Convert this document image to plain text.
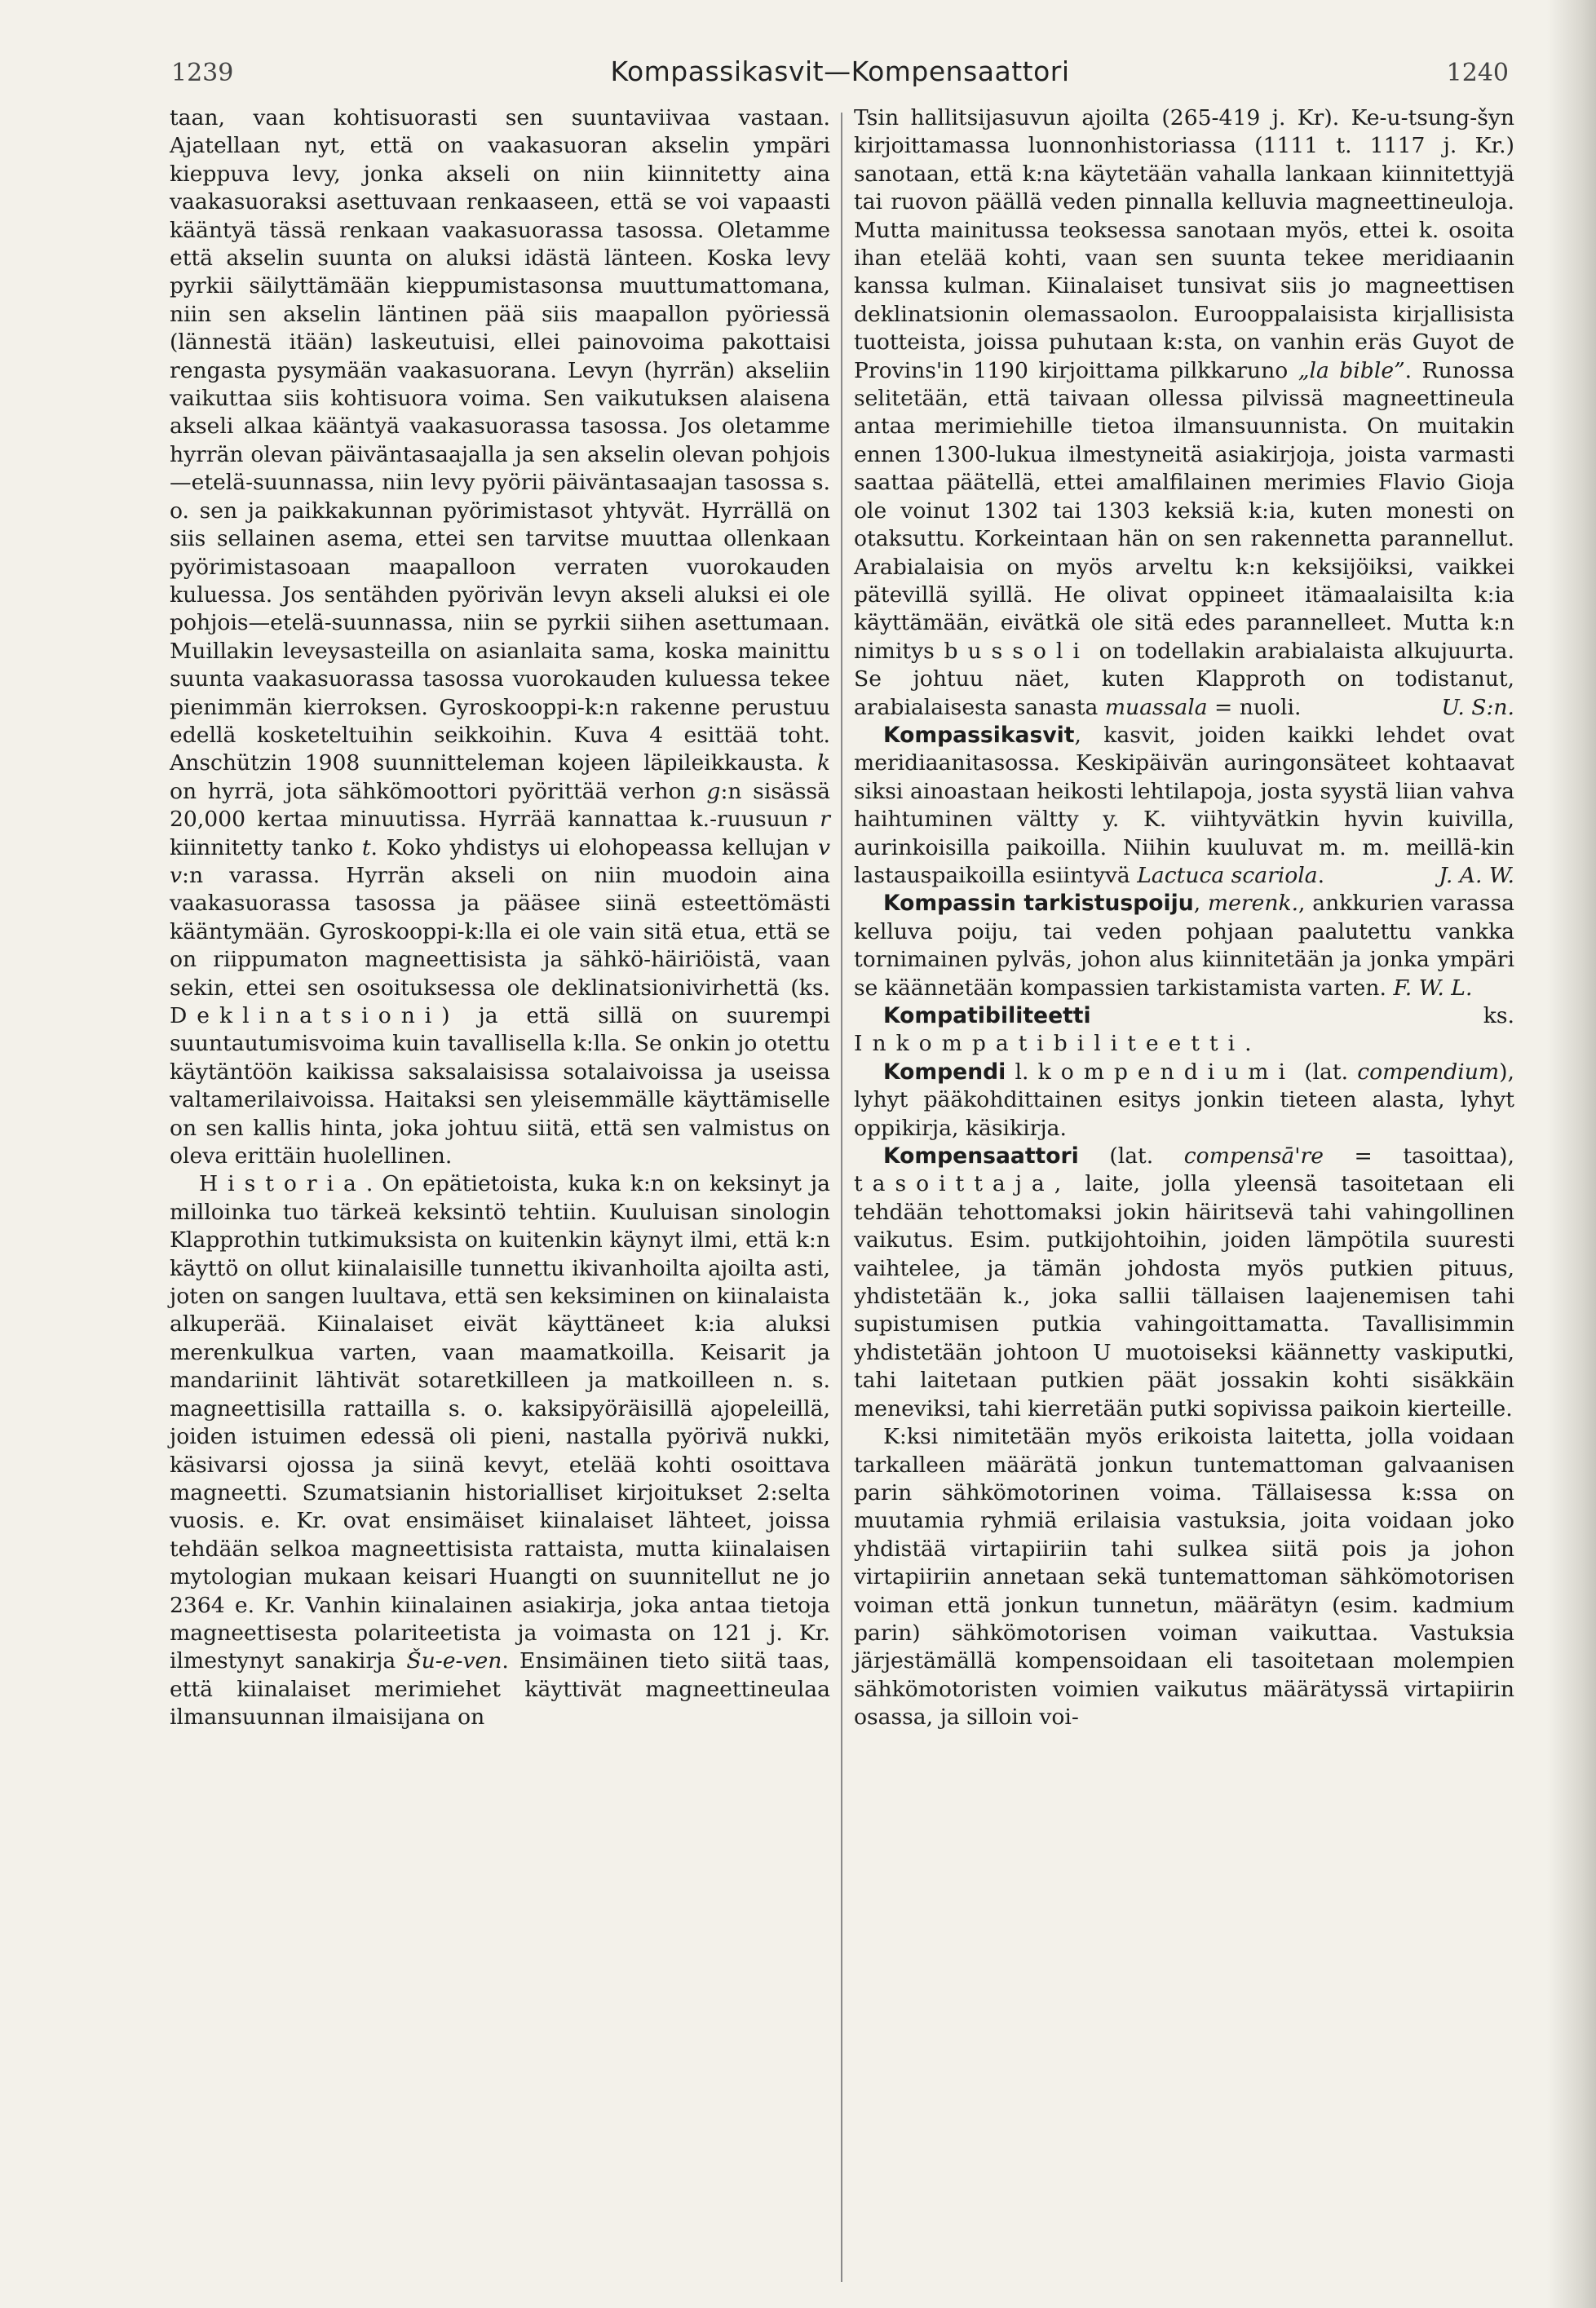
1239	Kompassikasvit—Kompensaattori	1240

taan, vaan kohtisuorasti sen suuntaviivaa vastaan. Ajatellaan nyt, että on vaakasuoran akselin ympäri kieppuva levy, jonka akseli on niin kiinnitetty aina vaakasuoraksi asettuvaan renkaaseen, että se voi vapaasti kääntyä tässä renkaan vaakasuorassa tasossa. Oletamme että akselin suunta on aluksi idästä länteen. Koska levy pyrkii säilyttämään kieppumistasonsa muuttumattomana, niin sen akselin läntinen pää siis maapallon pyöriessä (lännestä itään) laskeutuisi, ellei painovoima pakottaisi rengasta pysymään vaakasuorana. Levyn (hyrrän) akseliin vaikuttaa siis kohtisuora voima. Sen vaikutuksen alaisena akseli alkaa kääntyä vaakasuorassa tasossa. Jos oletamme hyrrän olevan päiväntasaajalla ja sen akselin olevan pohjois—etelä-suunnassa, niin levy pyörii päiväntasaajan tasossa s. o. sen ja paikkakunnan pyörimistasot yhtyvät. Hyrrällä on siis sellainen asema, ettei sen tarvitse muuttaa ollenkaan pyörimistasoaan maapalloon verraten vuorokauden kuluessa. Jos sentähden pyörivän levyn akseli aluksi ei ole pohjois—etelä-suunnassa, niin se pyrkii siihen asettumaan. Muillakin leveysasteilla on asianlaita sama, koska mainittu suunta vaakasuorassa tasossa vuorokauden kuluessa tekee pienimmän kierroksen. Gyroskooppi-k:n rakenne perustuu edellä kosketeltuihin seikkoihin. Kuva 4 esittää toht. Anschützin 1908 suunnitteleman kojeen läpileikkausta. k on hyrrä, jota sähkömoottori pyörittää verhon g:n sisässä 20,000 kertaa minuutissa. Hyrrää kannattaa k.-ruusuun r kiinnitetty tanko t. Koko yhdistys ui elohopeassa kellujan v v:n varassa. Hyrrän akseli on niin muodoin aina vaakasuorassa tasossa ja pääsee siinä esteettömästi kääntymään. Gyroskooppi-k:lla ei ole vain sitä etua, että se on riippumaton magneettisista ja sähkö-häiriöistä, vaan sekin, ettei sen osoituksessa ole deklinatsionivirhettä (ks. Deklinatsioni) ja että sillä on suurempi suuntautumisvoima kuin tavallisella k:lla. Se onkin jo otettu käytäntöön kaikissa saksalaisissa sotalaivoissa ja useissa valtamerilaivoissa. Haitaksi sen yleisemmälle käyttämiselle on sen kallis hinta, joka johtuu siitä, että sen valmistus on oleva erittäin huolellinen.

Historia. On epätietoista, kuka k:n on keksinyt ja milloinka tuo tärkeä keksintö tehtiin. Kuuluisan sinologin Klapprothin tutkimuksista on kuitenkin käynyt ilmi, että k:n käyttö on ollut kiinalaisille tunnettu ikivanhoilta ajoilta asti, joten on sangen luultava, että sen keksiminen on kiinalaista alkuperää. Kiinalaiset eivät käyttäneet k:ia aluksi merenkulkua varten, vaan maamatkoilla. Keisarit ja mandariinit lähtivät sotaretkilleen ja matkoilleen n. s. magneettisilla rattailla s. o. kaksipyöräisillä ajopeleillä, joiden istuimen edessä oli pieni, nastalla pyörivä nukki, käsivarsi ojossa ja siinä kevyt, etelää kohti osoittava magneetti. Szumatsianin historialliset kirjoitukset 2:selta vuosis. e. Kr. ovat ensimäiset kiinalaiset lähteet, joissa tehdään selkoa magneettisista rattaista, mutta kiinalaisen mytologian mukaan keisari Huangti on suunnitellut ne jo 2364 e. Kr. Vanhin kiinalainen asiakirja, joka antaa tietoja magneettisesta polariteetista ja voimasta on 121 j. Kr. ilmestynyt sanakirja Šu-e-ven. Ensimäinen tieto siitä taas, että kiinalaiset merimiehet käyttivät magneettineulaa ilmansuunnan ilmaisijana on

Tsin hallitsijasuvun ajoilta (265-419 j. Kr). Ke-u-tsung-šyn kirjoittamassa luonnonhistoriassa (1111 t. 1117 j. Kr.) sanotaan, että k:na käytetään vahalla lankaan kiinnitettyjä tai ruovon päällä veden pinnalla kelluvia magneettineuloja. Mutta mainitussa teoksessa sanotaan myös, ettei k. osoita ihan etelää kohti, vaan sen suunta tekee meridiaanin kanssa kulman. Kiinalaiset tunsivat siis jo magneettisen deklinatsionin olemassaolon. Eurooppalaisista kirjallisista tuotteista, joissa puhutaan k:sta, on vanhin eräs Guyot de Provins'in 1190 kirjoittama pilkkaruno „la bible”. Runossa selitetään, että taivaan ollessa pilvissä magneettineula antaa merimiehille tietoa ilmansuunnista. On muitakin ennen 1300-lukua ilmestyneitä asiakirjoja, joista varmasti saattaa päätellä, ettei amalfilainen merimies Flavio Gioja ole voinut 1302 tai 1303 keksiä k:ia, kuten monesti on otaksuttu. Korkeintaan hän on sen rakennetta parannellut. Arabialaisia on myös arveltu k:n keksijöiksi, vaikkei pätevillä syillä. He olivat oppineet itämaalaisilta k:ia käyttämään, eivätkä ole sitä edes parannelleet. Mutta k:n nimitys bussoli on todellakin arabialaista alkujuurta. Se johtuu näet, kuten Klapproth on todistanut, arabialaisesta sanasta muassala = nuoli.	U. S:n.

Kompassikasvit, kasvit, joiden kaikki lehdet ovat meridiaanitasossa. Keskipäivän auringonsäteet kohtaavat siksi ainoastaan heikosti lehtilapoja, josta syystä liian vahva haihtuminen vältty y. K. viihtyvätkin hyvin kuivilla, aurinkoisilla paikoilla. Niihin kuuluvat m. m. meillä-kin lastauspaikoilla esiintyvä Lactuca scariola.	J. A. W.

Kompassin tarkistuspoiju, merenk., ankkurien varassa kelluva poiju, tai veden pohjaan paalutettu vankka tornimainen pylväs, johon alus kiinnitetään ja jonka ympäri se käännetään kompassien tarkistamista varten. F. W. L.

Kompatibiliteetti	ks. Inkompatibiliteetti.

Kompendi l. kompendiumi (lat. compendium), lyhyt pääkohdittainen esitys jonkin tieteen alasta, lyhyt oppikirja, käsikirja.

Kompensaattori (lat. compensā're = tasoittaa), tasoittaja, laite, jolla yleensä tasoitetaan eli tehdään tehottomaksi jokin häiritsevä tahi vahingollinen vaikutus. Esim. putkijohtoihin, joiden lämpötila suuresti vaihtelee, ja tämän johdosta myös putkien pituus, yhdistetään k., joka sallii tällaisen laajenemisen tahi supistumisen putkia vahingoittamatta. Tavallisimmin yhdistetään johtoon U muotoiseksi käännetty vaskiputki, tahi laitetaan putkien päät jossakin kohti sisäkkäin meneviksi, tahi kierretään putki sopivissa paikoin kierteille.

K:ksi nimitetään myös erikoista laitetta, jolla voidaan tarkalleen määrätä jonkun tuntemattoman galvaanisen parin sähkömotorinen voima. Tällaisessa k:ssa on muutamia ryhmiä erilaisia vastuksia, joita voidaan joko yhdistää virtapiiriin tahi sulkea siitä pois ja johon virtapiiriin annetaan sekä tuntemattoman sähkömotorisen voiman että jonkun tunnetun, määrätyn (esim. kadmium parin) sähkömotorisen voiman vaikuttaa. Vastuksia järjestämällä kompensoidaan eli tasoitetaan molempien sähkömotoristen voimien vaikutus määrätyssä virtapiirin osassa, ja silloin voi-
